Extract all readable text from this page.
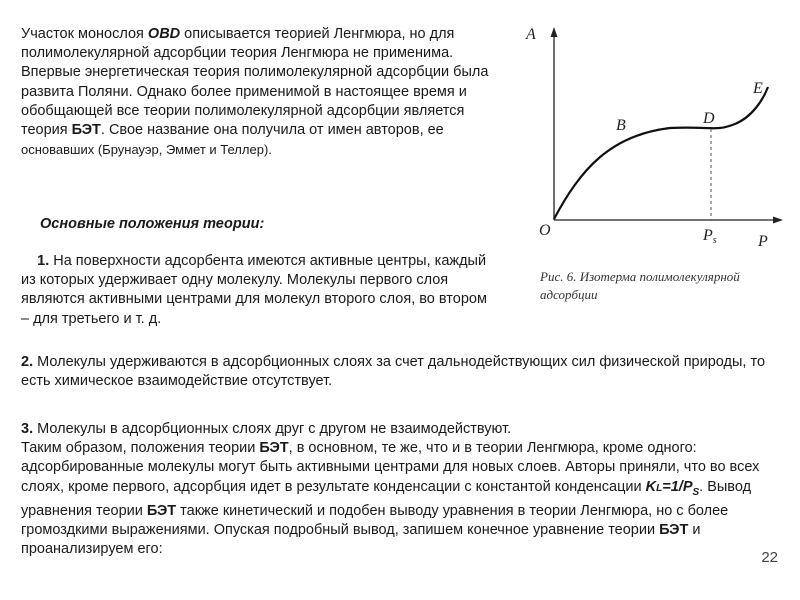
Участок монослоя OBD описывается теорией Ленгмюра, но для полимолекулярной адсорбции теория Ленгмюра не применима. Впервые энергетическая теория полимолекулярной адсорбции была развита Поляни. Однако более применимой в настоящее время и обобщающей все теории полимолекулярной адсорбции является теория БЭТ. Свое название она получила от имен авторов, ее основавших (Брунауэр, Эммет и Теллер).

Основные положения теории:

1. На поверхности адсорбента имеются активные центры, каждый из которых удерживает одну молекулу. Молекулы первого слоя являются активными центрами для молекул второго слоя, во втором – для третьего и т. д.

2. Молекулы удерживаются в адсорбционных слоях за счет дальнодействующих сил физической природы, то есть химическое взаимодействие отсутствует.

3. Молекулы в адсорбционных слоях друг с другом не взаимодействуют.
Таким образом, положения теории БЭТ, в основном, те же, что и в теории Ленгмюра, кроме одного: адсорбированные молекулы могут быть активными центрами для новых слоев. Авторы приняли, что во всех слоях, кроме первого, адсорбция идет в результате конденсации с константой конденсации $KL=1/P_S$. Вывод уравнения теории БЭТ также кинетический и подобен выводу уравнения в теории Ленгмюра, но с более громоздкими выражениями. Опуская подробный вывод, запишем конечное уравнение теории БЭТ и проанализируем его:

A
P
O
B	D
E
Ps
Рис. 6. Изотерма полимолекулярной адсорбции
22
